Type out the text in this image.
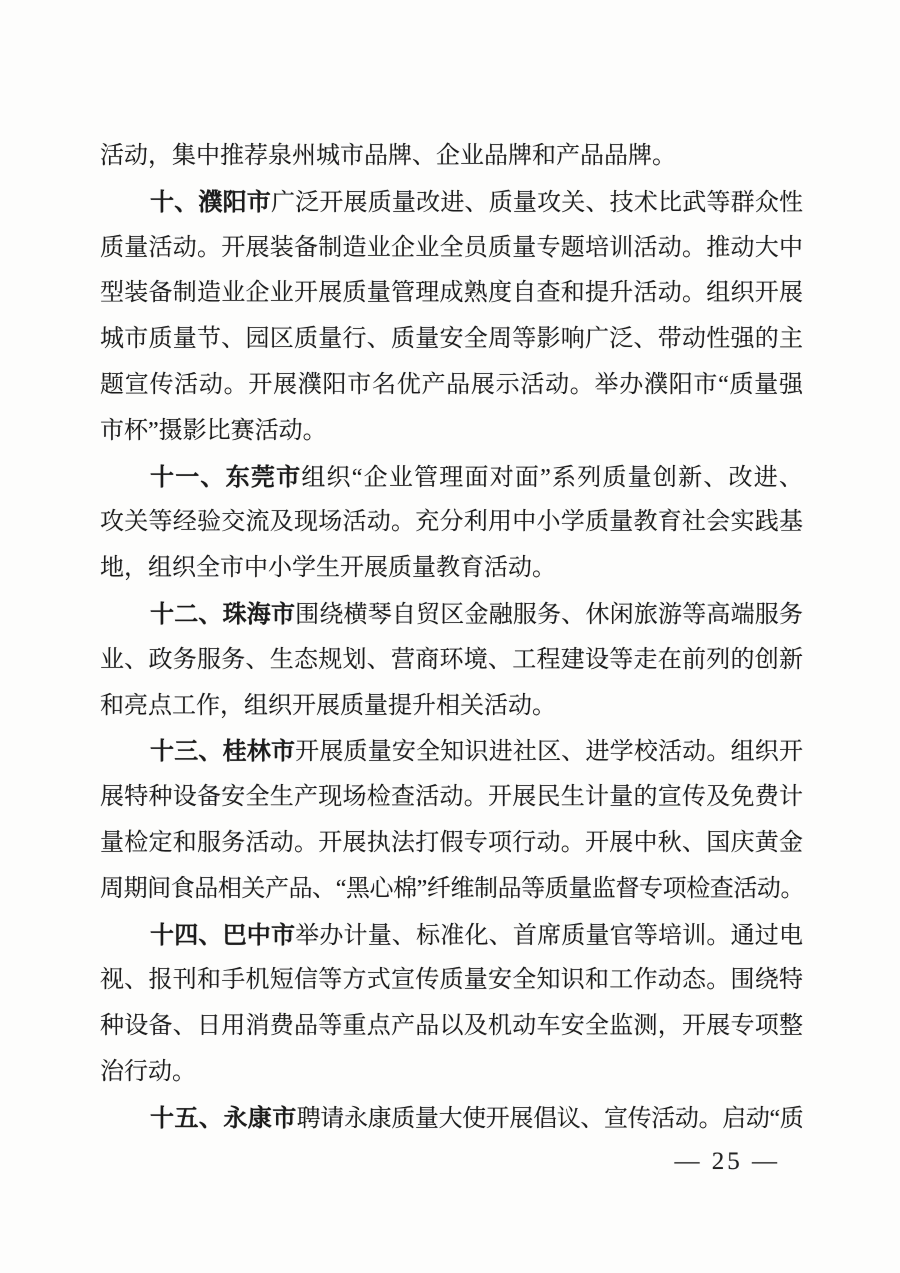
活动，集中推荐泉州城市品牌、企业品牌和产品品牌。
十、濮阳市广泛开展质量改进、质量攻关、技术比武等群众性
质量活动。开展装备制造业企业全员质量专题培训活动。推动大中
型装备制造业企业开展质量管理成熟度自查和提升活动。组织开展
城市质量节、园区质量行、质量安全周等影响广泛、带动性强的主
题宣传活动。开展濮阳市名优产品展示活动。举办濮阳市“质量强
市杯”摄影比赛活动。
十一、东莞市组织“企业管理面对面”系列质量创新、改进、
攻关等经验交流及现场活动。充分利用中小学质量教育社会实践基
地，组织全市中小学生开展质量教育活动。
十二、珠海市围绕横琴自贸区金融服务、休闲旅游等高端服务
业、政务服务、生态规划、营商环境、工程建设等走在前列的创新
和亮点工作，组织开展质量提升相关活动。
十三、桂林市开展质量安全知识进社区、进学校活动。组织开
展特种设备安全生产现场检查活动。开展民生计量的宣传及免费计
量检定和服务活动。开展执法打假专项行动。开展中秋、国庆黄金
周期间食品相关产品、“黑心棉”纤维制品等质量监督专项检查活动。
十四、巴中市举办计量、标准化、首席质量官等培训。通过电
视、报刊和手机短信等方式宣传质量安全知识和工作动态。围绕特
种设备、日用消费品等重点产品以及机动车安全监测，开展专项整
治行动。
十五、永康市聘请永康质量大使开展倡议、宣传活动。启动“质
— 25 —
